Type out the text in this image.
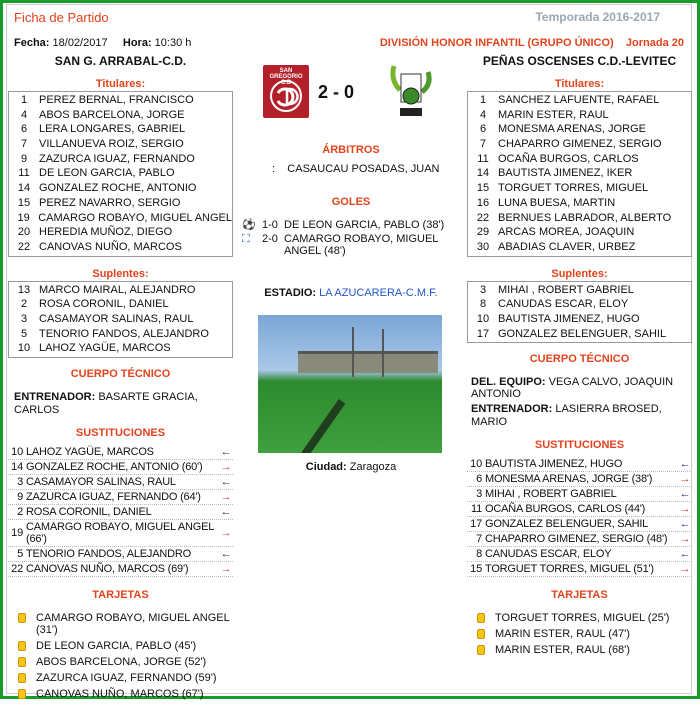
Ficha de Partido	Temporada 2016-2017
Fecha: 18/02/2017 Hora: 10:30 h	DIVISIÓN HONOR INFANTIL (GRUPO ÚNICO) Jornada 20
SAN G. ARRABAL-C.D.	PEÑAS OSCENSES C.D.-LEVITEC
SAN GREGORIO C.D	2 - 0
Titulares:
1	PEREZ BERNAL, FRANCISCO
4	ABOS BARCELONA, JORGE
6	LERA LONGARES, GABRIEL
7	VILLANUEVA ROIZ, SERGIO
9	ZAZURCA IGUAZ, FERNANDO
11 DE LEON GARCIA, PABLO
14 GONZALEZ ROCHE, ANTONIO
15 PEREZ NAVARRO, SERGIO
19 CAMARGO ROBAYO, MIGUEL ANGEL
20 HEREDIA MUÑOZ, DIEGO
22 CANOVAS NUÑO, MARCOS
Suplentes:
13 MARCO MAIRAL, ALEJANDRO
2	ROSA CORONIL, DANIEL
3	CASAMAYOR SALINAS, RAUL
5	TENORIO FANDOS, ALEJANDRO
10 LAHOZ YAGÜE, MARCOS
CUERPO TÉCNICO
ENTRENADOR: BASARTE GRACIA, CARLOS
SUSTITUCIONES
10 LAHOZ YAGÜE, MARCOS	←
14 GONZALEZ ROCHE, ANTONIO (60')	→
3 CASAMAYOR SALINAS, RAUL	←
9 ZAZURCA IGUAZ, FERNANDO (64')	→
2 ROSA CORONIL, DANIEL	←
19 CAMARGO ROBAYO, MIGUEL ANGEL (66')	→
5 TENORIO FANDOS, ALEJANDRO	←
22 CANOVAS NUÑO, MARCOS (69')	→
TARJETAS
CAMARGO ROBAYO, MIGUEL ANGEL (31')
DE LEON GARCIA, PABLO (45')
ABOS BARCELONA, JORGE (52')
ZAZURCA IGUAZ, FERNANDO (59')
CANOVAS NUÑO, MARCOS (67')
Titulares:
1	SANCHEZ LAFUENTE, RAFAEL
4	MARIN ESTER, RAUL
6	MONESMA ARENAS, JORGE
7	CHAPARRO GIMENEZ, SERGIO
11 OCAÑA BURGOS, CARLOS
14 BAUTISTA JIMENEZ, IKER
15 TORGUET TORRES, MIGUEL
16 LUNA BUESA, MARTIN
22 BERNUES LABRADOR, ALBERTO
29 ARCAS MOREA, JOAQUIN
30 ABADIAS CLAVER, URBEZ
Suplentes:
3	MIHAI , ROBERT GABRIEL
8	CANUDAS ESCAR, ELOY
10 BAUTISTA JIMENEZ, HUGO
17 GONZALEZ BELENGUER, SAHIL
CUERPO TÉCNICO
DEL. EQUIPO: VEGA CALVO, JOAQUIN ANTONIO
ENTRENADOR: LASIERRA BROSED, MARIO
SUSTITUCIONES
10 BAUTISTA JIMENEZ, HUGO	←
6 MONESMA ARENAS, JORGE (38')	→
3 MIHAI , ROBERT GABRIEL	←
11 OCAÑA BURGOS, CARLOS (44')	→
17 GONZALEZ BELENGUER, SAHIL	←
7 CHAPARRO GIMENEZ, SERGIO (48')	→
8 CANUDAS ESCAR, ELOY	←
15 TORGUET TORRES, MIGUEL (51')	→
TARJETAS
TORGUET TORRES, MIGUEL (25')
MARIN ESTER, RAUL (47')
MARIN ESTER, RAUL (68')
ÁRBITROS
: CASAUCAU POSADAS, JUAN
GOLES
⚽ 1-0 DE LEON GARCIA, PABLO (38')
⛶	2-0 CAMARGO ROBAYO, MIGUEL ANGEL (48')
ESTADIO: LA AZUCARERA-C.M.F.
Ciudad: Zaragoza
